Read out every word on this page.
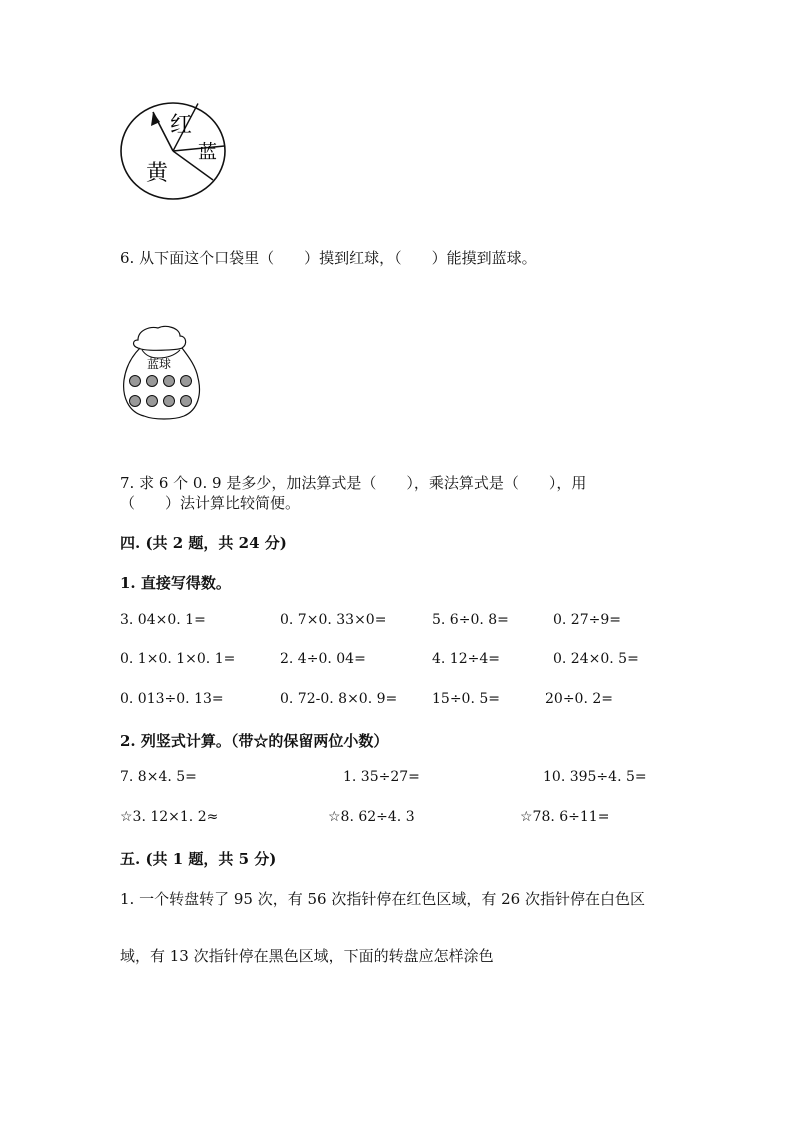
红
蓝
黄
6. 从下面这个口袋里（　　）摸到红球，（　　）能摸到蓝球。
蓝球
7. 求 6 个 0. 9 是多少，加法算式是（　　），乘法算式是（　　），用
（　　）法计算比较简便。
四. (共 2 题，共 24 分)
1. 直接写得数。
3. 04×0. 1=	0. 7×0. 33×0=	5. 6÷0. 8=	0. 27÷9=
0. 1×0. 1×0. 1=	2. 4÷0. 04=	4. 12÷4=	0. 24×0. 5=
0. 013÷0. 13=	0. 72-0. 8×0. 9= 15÷0. 5=	20÷0. 2=
2. 列竖式计算。（带☆的保留两位小数）
7. 8×4. 5=	1. 35÷27=	10. 395÷4. 5=
☆3. 12×1. 2≈	☆8. 62÷4. 3	☆78. 6÷11=
五. (共 1 题，共 5 分)
1. 一个转盘转了 95 次，有 56 次指针停在红色区域，有 26 次指针停在白色区
域，有 13 次指针停在黑色区域，下面的转盘应怎样涂色
